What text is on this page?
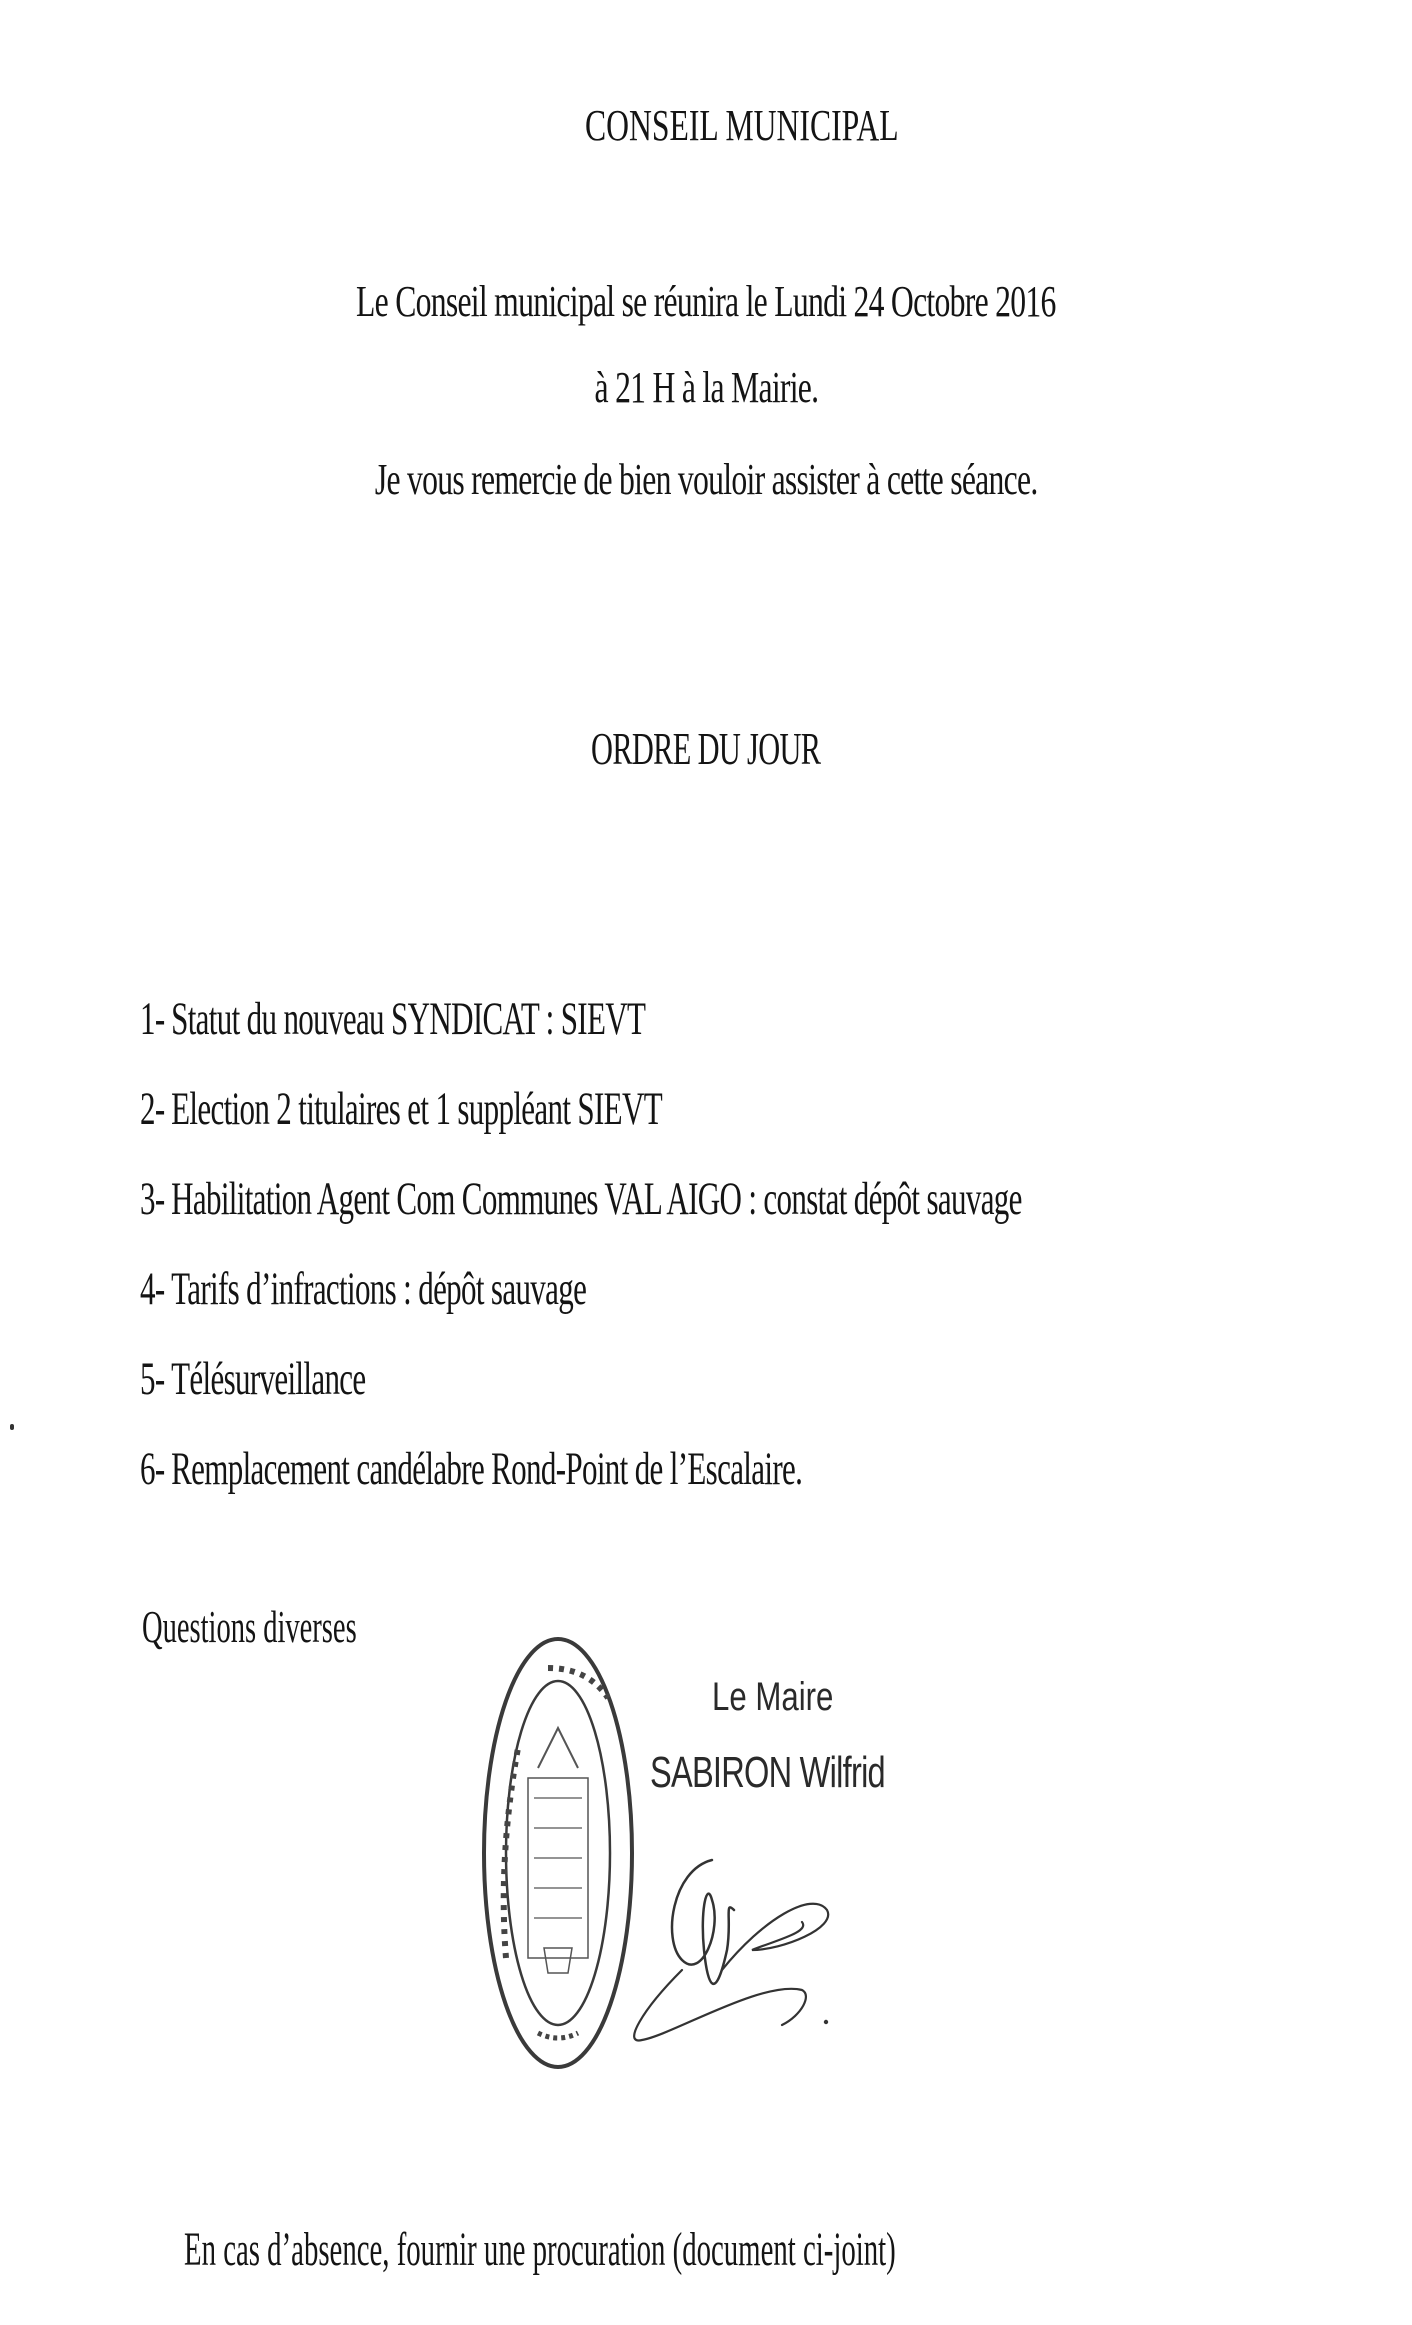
CONSEIL MUNICIPAL
Le Conseil municipal se réunira le Lundi 24 Octobre 2016
à 21 H à la Mairie.
Je vous remercie de bien vouloir assister à cette séance.
ORDRE DU JOUR
1- Statut du nouveau SYNDICAT : SIEVT
2- Election 2 titulaires et 1 suppléant SIEVT
3- Habilitation Agent Com Communes VAL AIGO : constat dépôt sauvage
4- Tarifs d’infractions : dépôt sauvage
5- Télésurveillance
6- Remplacement candélabre Rond-Point de l’Escalaire.
Questions diverses
Le Maire
SABIRON Wilfrid
En cas d’absence, fournir une procuration (document ci-joint)
